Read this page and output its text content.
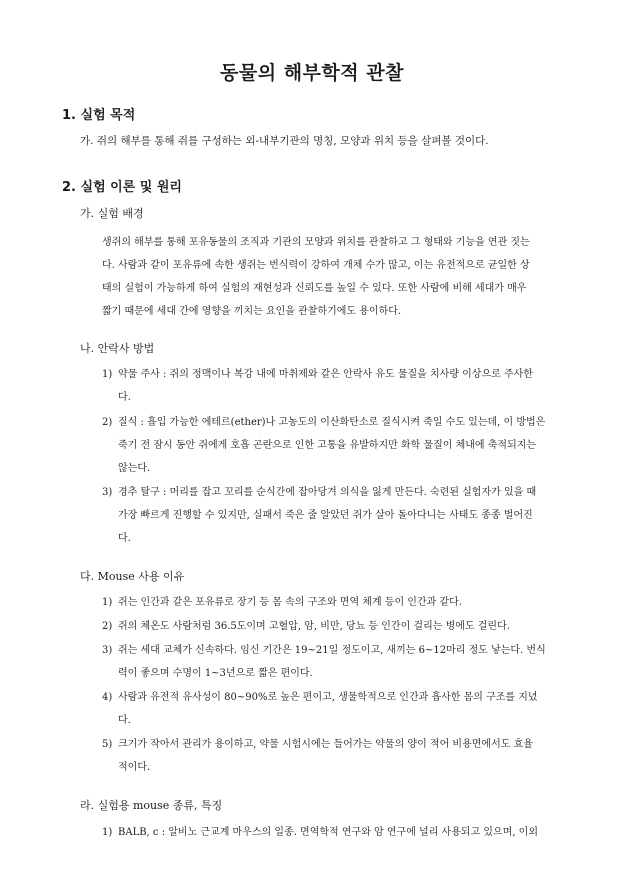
동물의 해부학적 관찰
1. 실험 목적
가. 쥐의 해부를 통해 쥐를 구성하는 외-내부기관의 명칭, 모양과 위치 등을 살펴볼 것이다.
2. 실험 이론 및 원리
가. 실험 배경
생쥐의 해부를 통해 포유동물의 조직과 기관의 모양과 위치를 관찰하고 그 형태와 기능을 연관 짓는
다. 사람과 같이 포유류에 속한 생쥐는 번식력이 강하여 개체 수가 많고, 이는 유전적으로 균일한 상
태의 실험이 가능하게 하여 실험의 재현성과 신뢰도를 높일 수 있다. 또한 사람에 비해 세대가 매우
짧기 때문에 세대 간에 영향을 끼치는 요인을 관찰하기에도 용이하다.
나. 안락사 방법
1) 약물 주사 : 쥐의 정맥이나 복강 내에 마취제와 같은 안락사 유도 물질을 치사량 이상으로 주사한
다.
2) 질식 : 흡입 가능한 에테르(ether)나 고농도의 이산화탄소로 질식시켜 죽일 수도 있는데, 이 방법은
죽기 전 잠시 동안 쥐에게 호흡 곤란으로 인한 고통을 유발하지만 화학 물질이 체내에 축적되지는
않는다.
3) 경추 탈구 : 머리를 잡고 꼬리를 순식간에 잡아당겨 의식을 잃게 만든다. 숙련된 실험자가 있을 때
가장 빠르게 진행할 수 있지만, 실패서 죽은 줄 알았던 쥐가 살아 돌아다니는 사태도 종종 벌어진
다.
다. Mouse 사용 이유
1) 쥐는 인간과 같은 포유류로 장기 등 몸 속의 구조와 면역 체계 등이 인간과 같다.
2) 쥐의 체온도 사람처럼 36.5도이며 고혈압, 암, 비만, 당뇨 등 인간이 걸리는 병에도 걸린다.
3) 쥐는 세대 교체가 신속하다. 임신 기간은 19~21일 정도이고, 새끼는 6~12마리 정도 낳는다. 번식
력이 좋으며 수명이 1~3년으로 짧은 편이다.
4) 사람과 유전적 유사성이 80~90%로 높은 편이고, 생물학적으로 인간과 흡사한 몸의 구조를 지녔
다.
5) 크기가 작아서 관리가 용이하고, 약물 시험시에는 들어가는 약물의 양이 적어 비용면에서도 효율
적이다.
라. 실험용 mouse 종류, 특징
1) BALB, c : 알비노 근교계 마우스의 일종. 면역학적 연구와 암 연구에 널리 사용되고 있으며, 이외
